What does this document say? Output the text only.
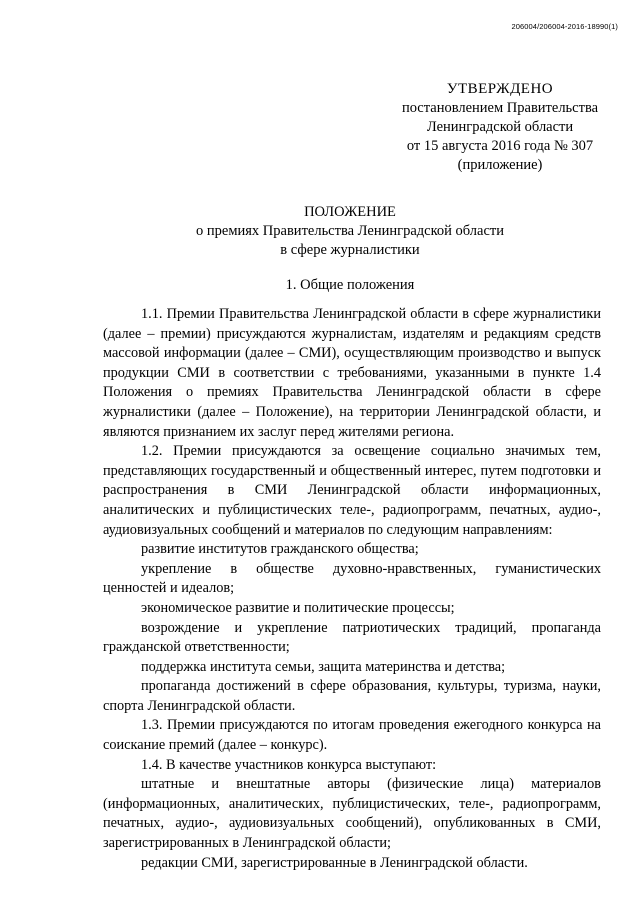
206004/206004-2016-18990(1)
УТВЕРЖДЕНО
постановлением Правительства
Ленинградской области
от 15 августа 2016 года № 307
(приложение)
ПОЛОЖЕНИЕ
о премиях Правительства Ленинградской области
в сфере журналистики
1. Общие положения

1.1. Премии Правительства Ленинградской области в сфере журналистики (далее – премии) присуждаются журналистам, издателям и редакциям средств массовой информации (далее – СМИ), осуществляющим производство и выпуск продукции СМИ в соответствии с требованиями, указанными в пункте 1.4 Положения о премиях Правительства Ленинградской области в сфере журналистики (далее – Положение), на территории Ленинградской области, и являются признанием их заслуг перед жителями региона.

1.2. Премии присуждаются за освещение социально значимых тем, представляющих государственный и общественный интерес, путем подготовки и распространения в СМИ Ленинградской области информационных, аналитических и публицистических теле-, радиопрограмм, печатных, аудио-, аудиовизуальных сообщений и материалов по следующим направлениям:

развитие институтов гражданского общества;

укрепление в обществе духовно-нравственных, гуманистических ценностей и идеалов;

экономическое развитие и политические процессы;

возрождение и укрепление патриотических традиций, пропаганда гражданской ответственности;

поддержка института семьи, защита материнства и детства;

пропаганда достижений в сфере образования, культуры, туризма, науки, спорта Ленинградской области.

1.3. Премии присуждаются по итогам проведения ежегодного конкурса на соискание премий (далее – конкурс).

1.4. В качестве участников конкурса выступают:

штатные и внештатные авторы (физические лица) материалов (информационных, аналитических, публицистических, теле-, радиопрограмм, печатных, аудио-, аудиовизуальных сообщений), опубликованных в СМИ, зарегистрированных в Ленинградской области;

редакции СМИ, зарегистрированные в Ленинградской области.
